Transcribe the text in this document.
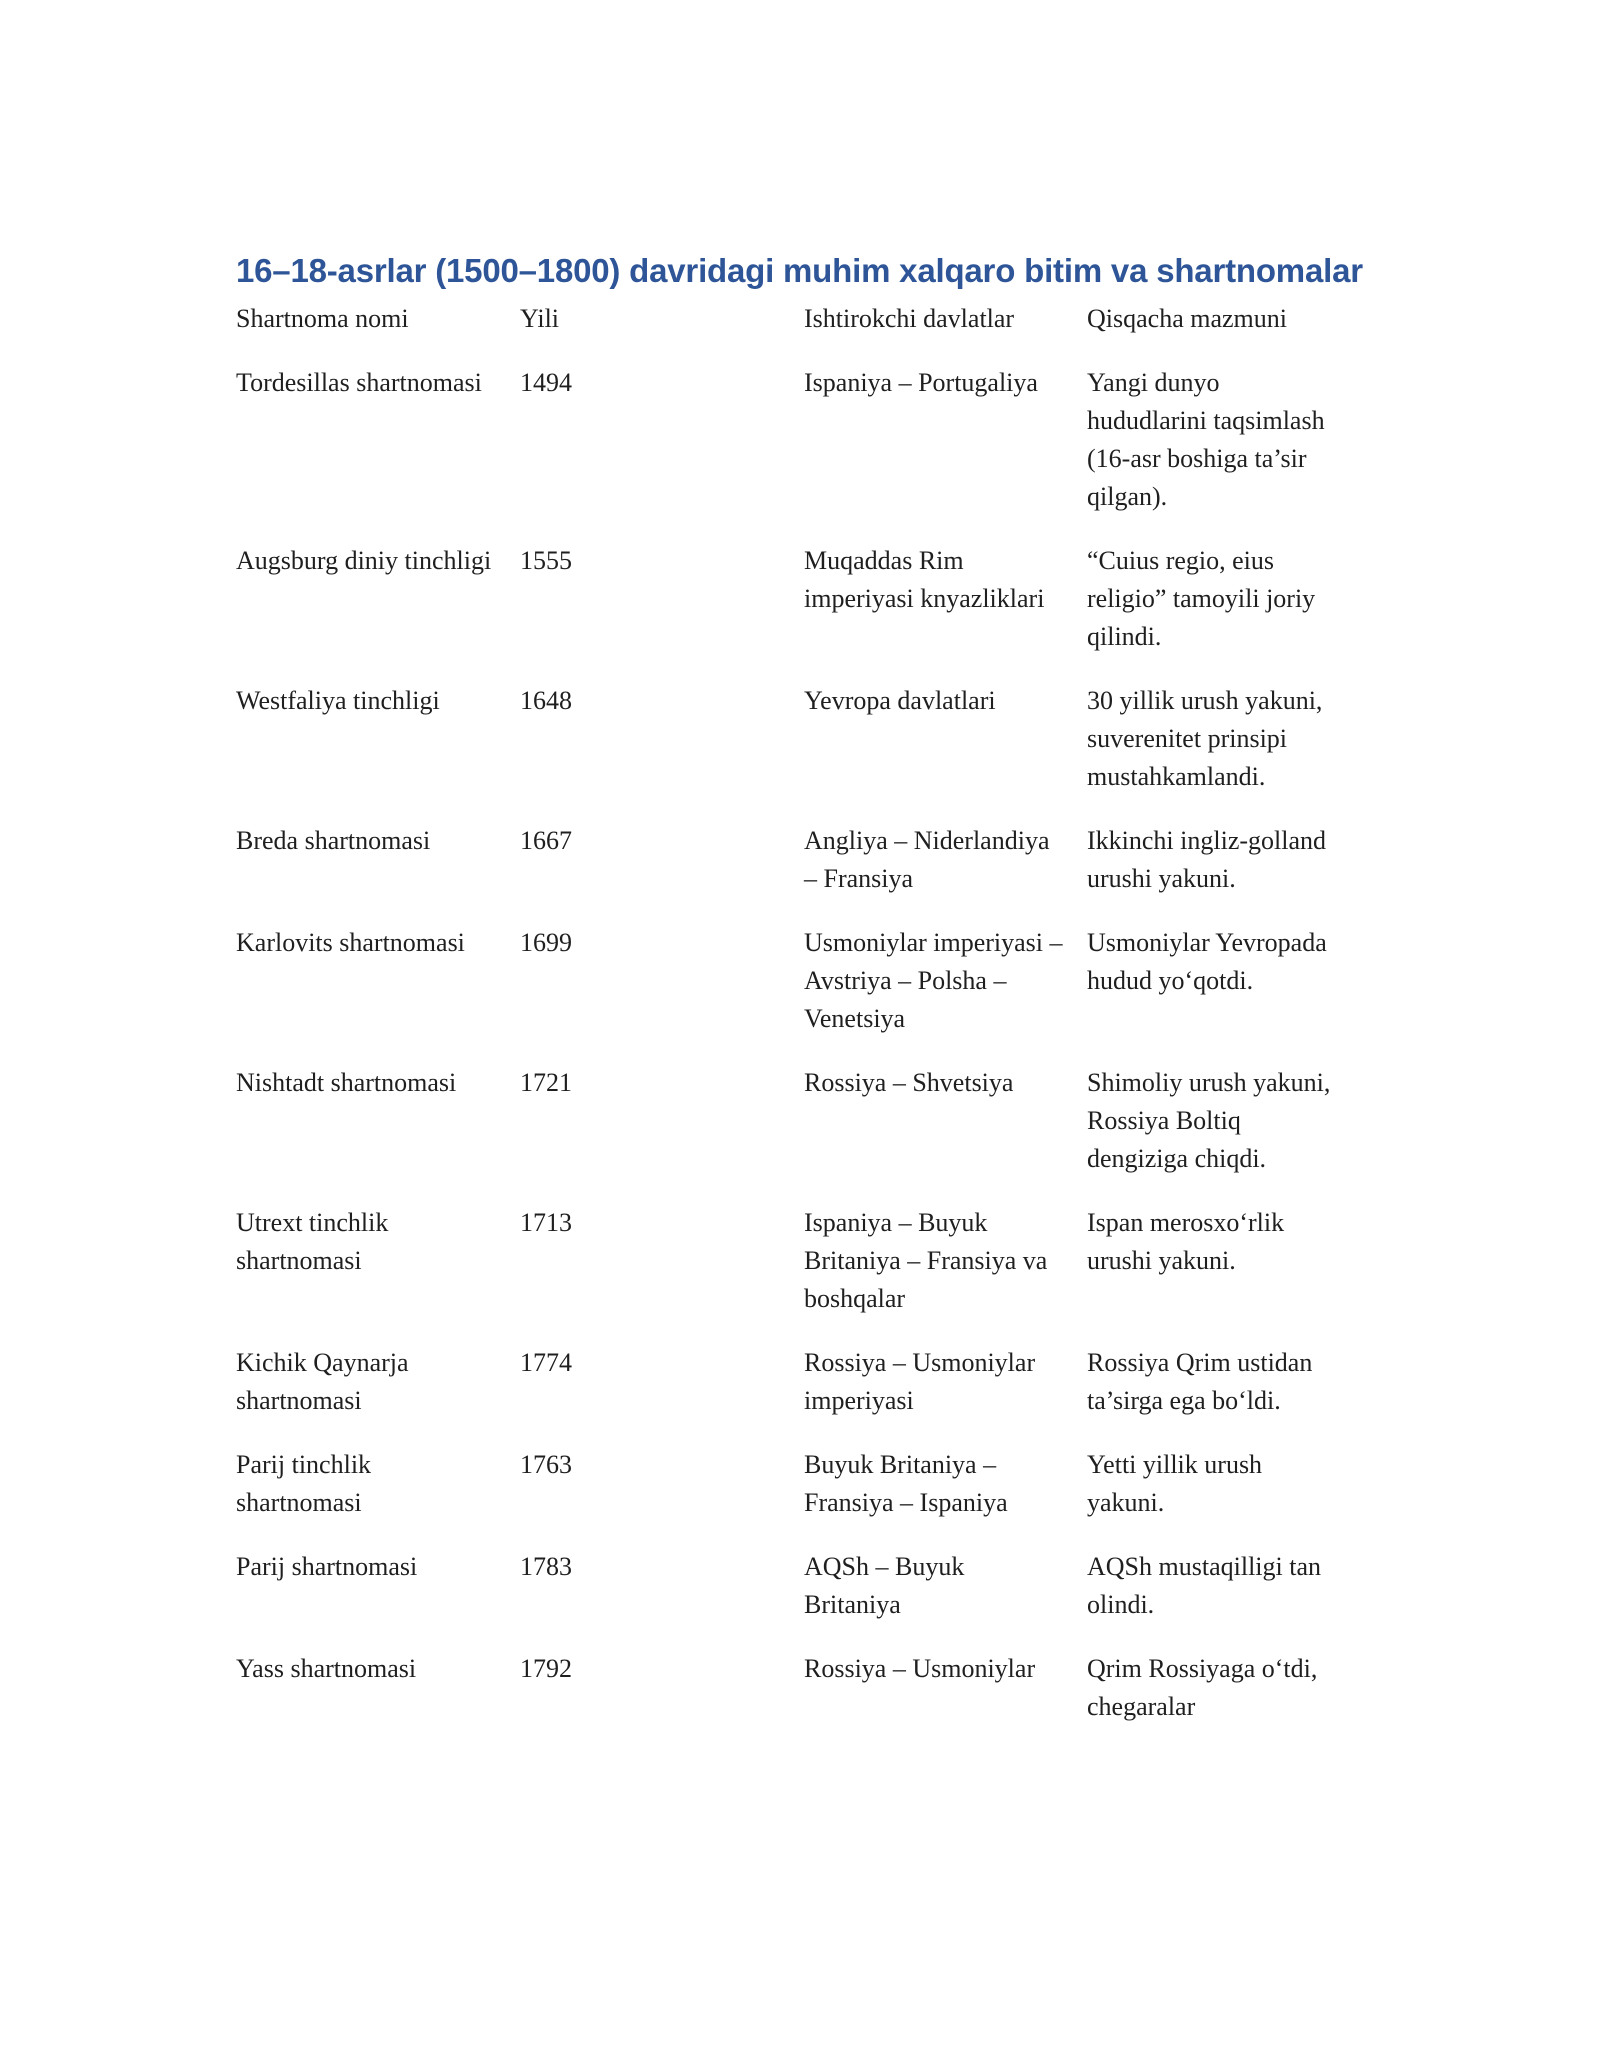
16–18-asrlar (1500–1800) davridagi muhim xalqaro bitim va shartnomalar
Shartnoma nomi	Yili	Ishtirokchi davlatlar	Qisqacha mazmuni
Tordesillas shartnomasi	1494	Ispaniya – Portugaliya	Yangi dunyo hududlarini taqsimlash (16-asr boshiga ta’sir qilgan).
Augsburg diniy tinchligi	1555	Muqaddas Rim imperiyasi knyazliklari	“Cuius regio, eius religio” tamoyili joriy qilindi.
Westfaliya tinchligi	1648	Yevropa davlatlari	30 yillik urush yakuni, suverenitet prinsipi mustahkamlandi.
Breda shartnomasi	1667	Angliya – Niderlandiya – Fransiya	Ikkinchi ingliz-golland urushi yakuni.
Karlovits shartnomasi	1699	Usmoniylar imperiyasi – Avstriya – Polsha – Venetsiya	Usmoniylar Yevropada hudud yo‘qotdi.
Nishtadt shartnomasi	1721	Rossiya – Shvetsiya	Shimoliy urush yakuni, Rossiya Boltiq dengiziga chiqdi.
Utrext tinchlik shartnomasi	1713	Ispaniya – Buyuk Britaniya – Fransiya va boshqalar	Ispan merosxo‘rlik urushi yakuni.
Kichik Qaynarja shartnomasi	1774	Rossiya – Usmoniylar imperiyasi	Rossiya Qrim ustidan ta’sirga ega bo‘ldi.
Parij tinchlik shartnomasi	1763	Buyuk Britaniya – Fransiya – Ispaniya	Yetti yillik urush yakuni.
Parij shartnomasi	1783	AQSh – Buyuk Britaniya	AQSh mustaqilligi tan olindi.
Yass shartnomasi	1792	Rossiya – Usmoniylar	Qrim Rossiyaga o‘tdi, chegaralar
